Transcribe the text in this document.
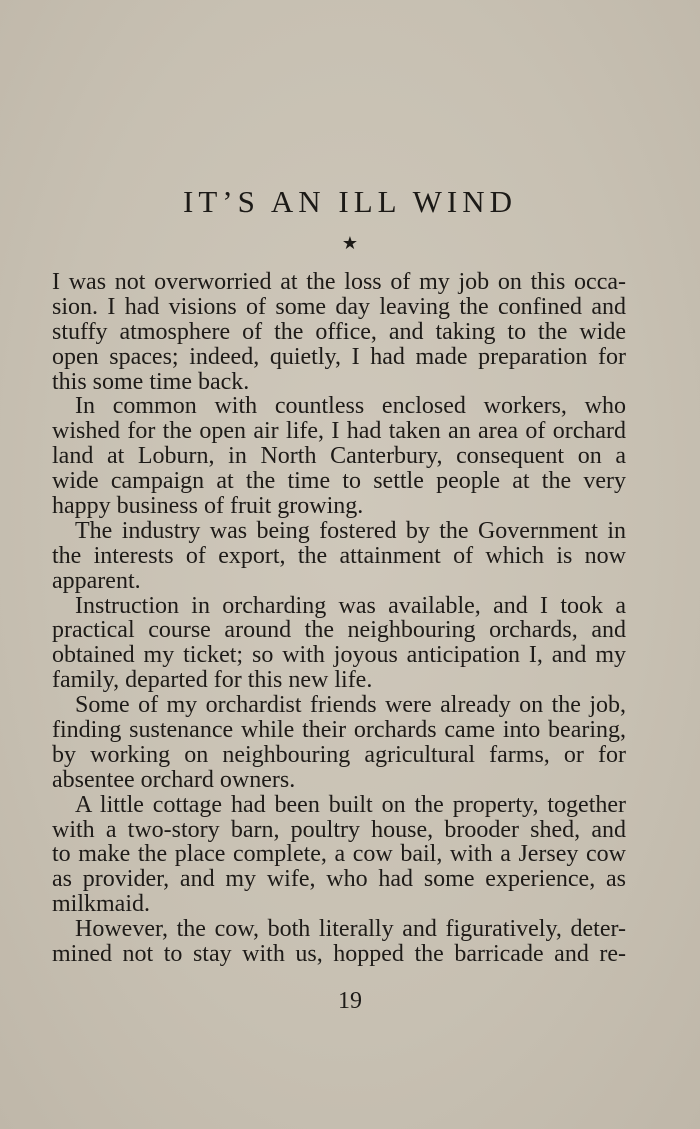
IT’S AN ILL WIND
★
I was not overworried at the loss of my job on this occa-
sion. I had visions of some day leaving the confined and
stuffy atmosphere of the office, and taking to the wide
open spaces; indeed, quietly, I had made preparation for
this some time back.
In common with countless enclosed workers, who
wished for the open air life, I had taken an area of orchard
land at Loburn, in North Canterbury, consequent on a
wide campaign at the time to settle people at the very
happy business of fruit growing.
The industry was being fostered by the Government in
the interests of export, the attainment of which is now
apparent.
Instruction in orcharding was available, and I took a
practical course around the neighbouring orchards, and
obtained my ticket; so with joyous anticipation I, and my
family, departed for this new life.
Some of my orchardist friends were already on the job,
finding sustenance while their orchards came into bearing,
by working on neighbouring agricultural farms, or for
absentee orchard owners.
A little cottage had been built on the property, together
with a two-story barn, poultry house, brooder shed, and
to make the place complete, a cow bail, with a Jersey cow
as provider, and my wife, who had some experience, as
milkmaid.
However, the cow, both literally and figuratively, deter-
mined not to stay with us, hopped the barricade and re-
19
